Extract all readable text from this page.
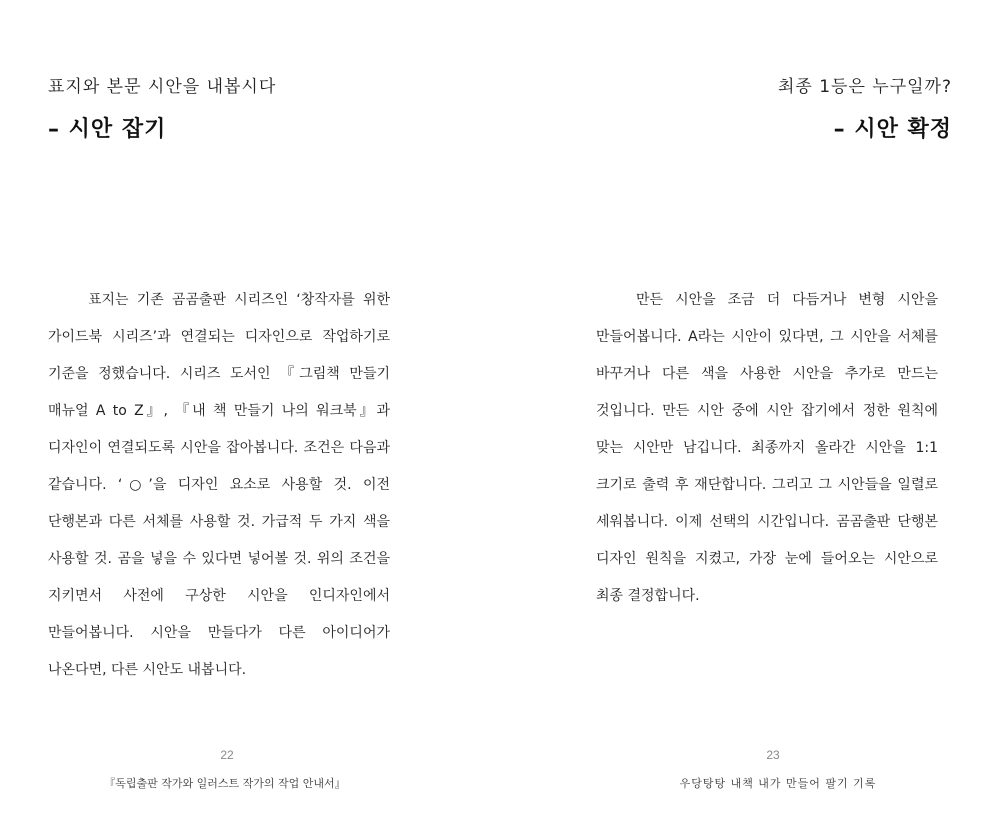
표지와 본문 시안을 내봅시다
– 시안 잡기
표지는 기존 곰곰출판 시리즈인 ‘창작자를 위한 가이드북 시리즈’과 연결되는 디자인으로 작업하기로 기준을 정했습니다. 시리즈 도서인 『그림책 만들기 매뉴얼 A to Z』, 『내 책 만들기 나의 워크북』과 디자인이 연결되도록 시안을 잡아봅니다. 조건은 다음과 같습니다. ‘○’을 디자인 요소로 사용할 것. 이전 단행본과 다른 서체를 사용할 것. 가급적 두 가지 색을 사용할 것. 곰을 넣을 수 있다면 넣어볼 것. 위의 조건을 지키면서 사전에 구상한 시안을 인디자인에서 만들어봅니다. 시안을 만들다가 다른 아이디어가 나온다면, 다른 시안도 내봅니다.
22
『독립출판 작가와 일러스트 작가의 작업 안내서』
최종 1등은 누구일까?
– 시안 확정
만든 시안을 조금 더 다듬거나 변형 시안을 만들어봅니다. A라는 시안이 있다면, 그 시안을 서체를 바꾸거나 다른 색을 사용한 시안을 추가로 만드는 것입니다. 만든 시안 중에 시안 잡기에서 정한 원칙에 맞는 시안만 남깁니다. 최종까지 올라간 시안을 1:1 크기로 출력 후 재단합니다. 그리고 그 시안들을 일렬로 세워봅니다. 이제 선택의 시간입니다. 곰곰출판 단행본 디자인 원칙을 지켰고, 가장 눈에 들어오는 시안으로 최종 결정합니다.
23
우당탕탕 내책 내가 만들어 팔기 기록
